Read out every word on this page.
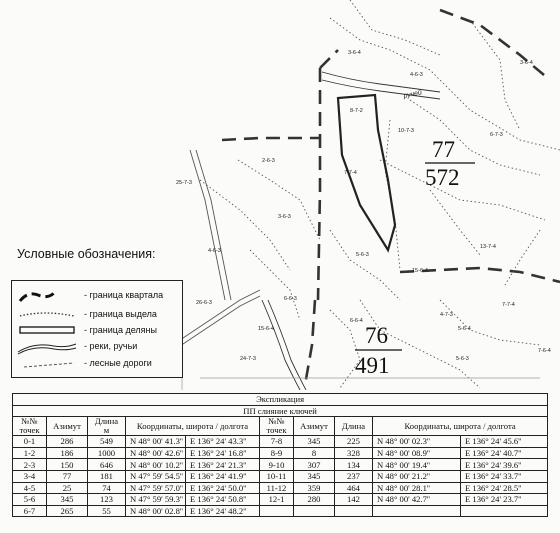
3-6-4
4-6-3
8-7-2
10-7-3
6-7-3
7-7-4
2-6-3
3-6-3
25-7-3
4-6-3
5-6-3
15-6-4
6-6-3
6-6-4
13-7-4
7-7-4
4-7-3
5-6-4
5-6-3
15-6-4
24-7-3
26-6-3
3-6-4
7-6-4
ручей
77
572
76
491
Условные обозначения:
- граница квартала
- граница выдела
- граница деляны
- реки, ручьи
- лесные дороги
Экспликация									
ПП слияние ключей									
№№
точек	Азимут	Длина
м	Координаты, широта / долгота		№№
точек	Азимут	Длина	Координаты, широта / долгота	
0-1	286	549	N 48° 00' 41.3''	E 136° 24' 43.3''	7-8	345	225	N 48° 00' 02.3''	E 136° 24' 45.6''
1-2	186	1000	N 48° 00' 42.6''	E 136° 24' 16.8''	8-9	8	328	N 48° 00' 08.9''	E 136° 24' 40.7''
2-3	150	646	N 48° 00' 10.2''	E 136° 24' 21.3''	9-10	307	134	N 48° 00' 19.4''	E 136° 24' 39.6''
3-4	77	181	N 47° 59' 54.5''	E 136° 24' 41.9''	10-11	345	237	N 48° 00' 21.2''	E 136° 24' 33.7''
4-5	25	74	N 47° 59' 57.0''	E 136° 24' 50.0''	11-12	359	464	N 48° 00' 28.1''	E 136° 24' 28.5''
5-6	345	123	N 47° 59' 59.3''	E 136° 24' 50.8''	12-1	280	142	N 48° 00' 42.7''	E 136° 24' 23.7''
6-7	265	55	N 48° 00' 02.8''	E 136° 24' 48.2''					
